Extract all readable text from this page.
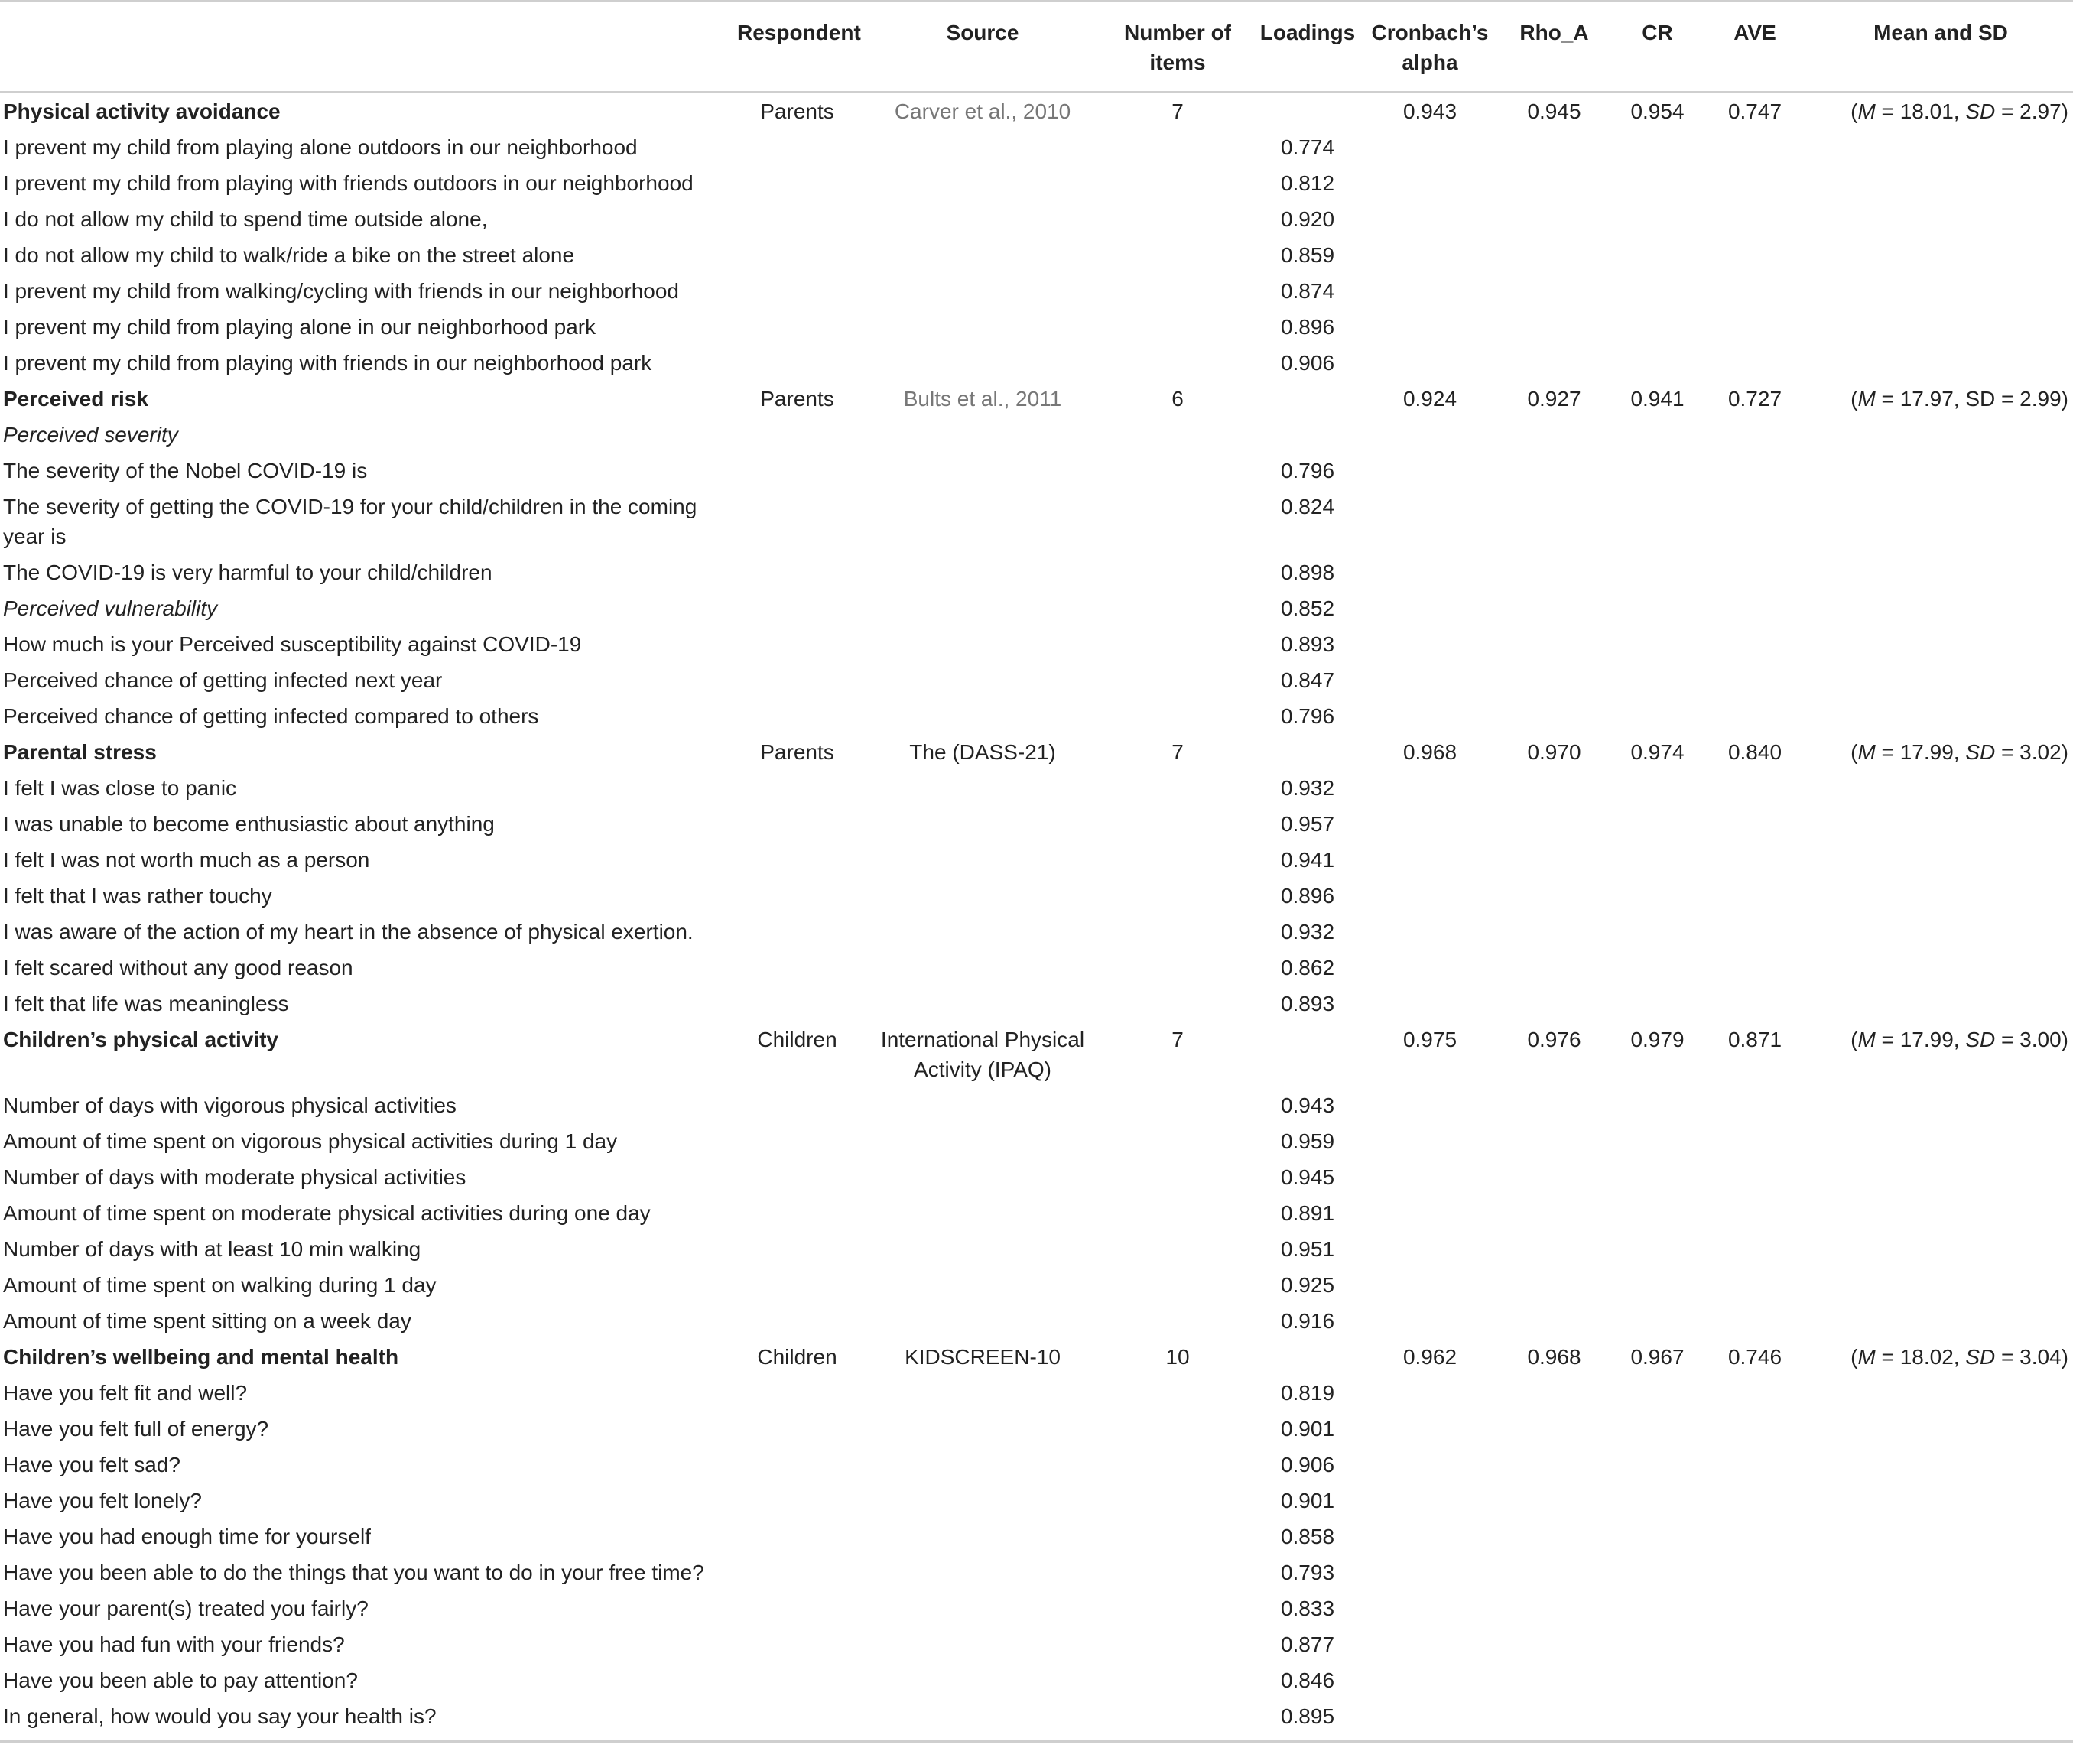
	Respondent	Source	Number of items	Loadings	Cronbach’s alpha	Rho_A	CR	AVE	Mean and SD
Physical activity avoidance	Parents	Carver et al., 2010	7		0.943	0.945	0.954	0.747	(M = 18.01, SD = 2.97)
I prevent my child from playing alone outdoors in our neighborhood				0.774					
I prevent my child from playing with friends outdoors in our neighborhood				0.812					
I do not allow my child to spend time outside alone,				0.920					
I do not allow my child to walk/ride a bike on the street alone				0.859					
I prevent my child from walking/cycling with friends in our neighborhood				0.874					
I prevent my child from playing alone in our neighborhood park				0.896					
I prevent my child from playing with friends in our neighborhood park				0.906					
Perceived risk	Parents	Bults et al., 2011	6		0.924	0.927	0.941	0.727	(M = 17.97, SD = 2.99)
Perceived severity									
The severity of the Nobel COVID-19 is				0.796					
The severity of getting the COVID-19 for your child/children in the coming year is				0.824					
The COVID-19 is very harmful to your child/children				0.898					
Perceived vulnerability				0.852					
How much is your Perceived susceptibility against COVID-19				0.893					
Perceived chance of getting infected next year				0.847					
Perceived chance of getting infected compared to others				0.796					
Parental stress	Parents	The (DASS-21)	7		0.968	0.970	0.974	0.840	(M = 17.99, SD = 3.02)
I felt I was close to panic				0.932					
I was unable to become enthusiastic about anything				0.957					
I felt I was not worth much as a person				0.941					
I felt that I was rather touchy				0.896					
I was aware of the action of my heart in the absence of physical exertion.				0.932					
I felt scared without any good reason				0.862					
I felt that life was meaningless				0.893					
Children’s physical activity	Children	International Physical Activity (IPAQ)	7		0.975	0.976	0.979	0.871	(M = 17.99, SD = 3.00)
Number of days with vigorous physical activities				0.943					
Amount of time spent on vigorous physical activities during 1 day				0.959					
Number of days with moderate physical activities				0.945					
Amount of time spent on moderate physical activities during one day				0.891					
Number of days with at least 10 min walking				0.951					
Amount of time spent on walking during 1 day				0.925					
Amount of time spent sitting on a week day				0.916					
Children’s wellbeing and mental health	Children	KIDSCREEN-10	10		0.962	0.968	0.967	0.746	(M = 18.02, SD = 3.04)
Have you felt fit and well?				0.819					
Have you felt full of energy?				0.901					
Have you felt sad?				0.906					
Have you felt lonely?				0.901					
Have you had enough time for yourself				0.858					
Have you been able to do the things that you want to do in your free time?				0.793					
Have your parent(s) treated you fairly?				0.833					
Have you had fun with your friends?				0.877					
Have you been able to pay attention?				0.846					
In general, how would you say your health is?				0.895					
